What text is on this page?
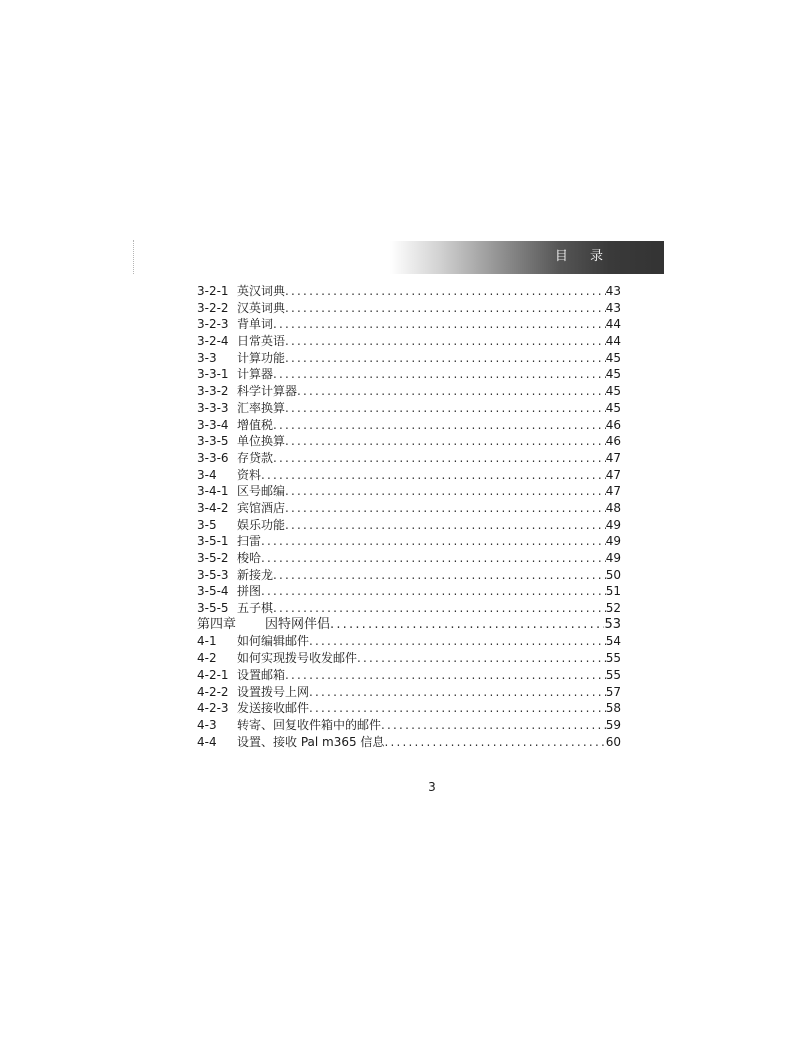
目 录
3-2-1 英汉词典 .....	43
3-2-2 汉英词典 .....	43
3-2-3 背单词 .....	44
3-2-4 日常英语 .....	44
3-3	计算功能 .....	45
3-3-1 计算器 .....	45
3-3-2 科学计算器 .....	45
3-3-3 汇率换算 .....	45
3-3-4 增值税 .....	46
3-3-5 单位换算 .....	46
3-3-6 存贷款 .....	47
3-4	资料 .....	47
3-4-1 区号邮编 .....	47
3-4-2 宾馆酒店 .....	48
3-5	娱乐功能 .....	49
3-5-1 扫雷 .....	49
3-5-2 梭哈 .....	49
3-5-3 新接龙 .....	50
3-5-4 拼图 .....	51
3-5-5 五子棋 .....	52
第四章	因特网伴侣 .....	53
4-1	如何编辑邮件 .....	54
4-2	如何实现拨号收发邮件 .....	55
4-2-1 设置邮箱 .....	55
4-2-2 设置拨号上网 .....	57
4-2-3 发送接收邮件 .....	58
4-3	转寄、回复收件箱中的邮件 .....	59
4-4	设置、接收 Pal m365 信息 .....	60
3
